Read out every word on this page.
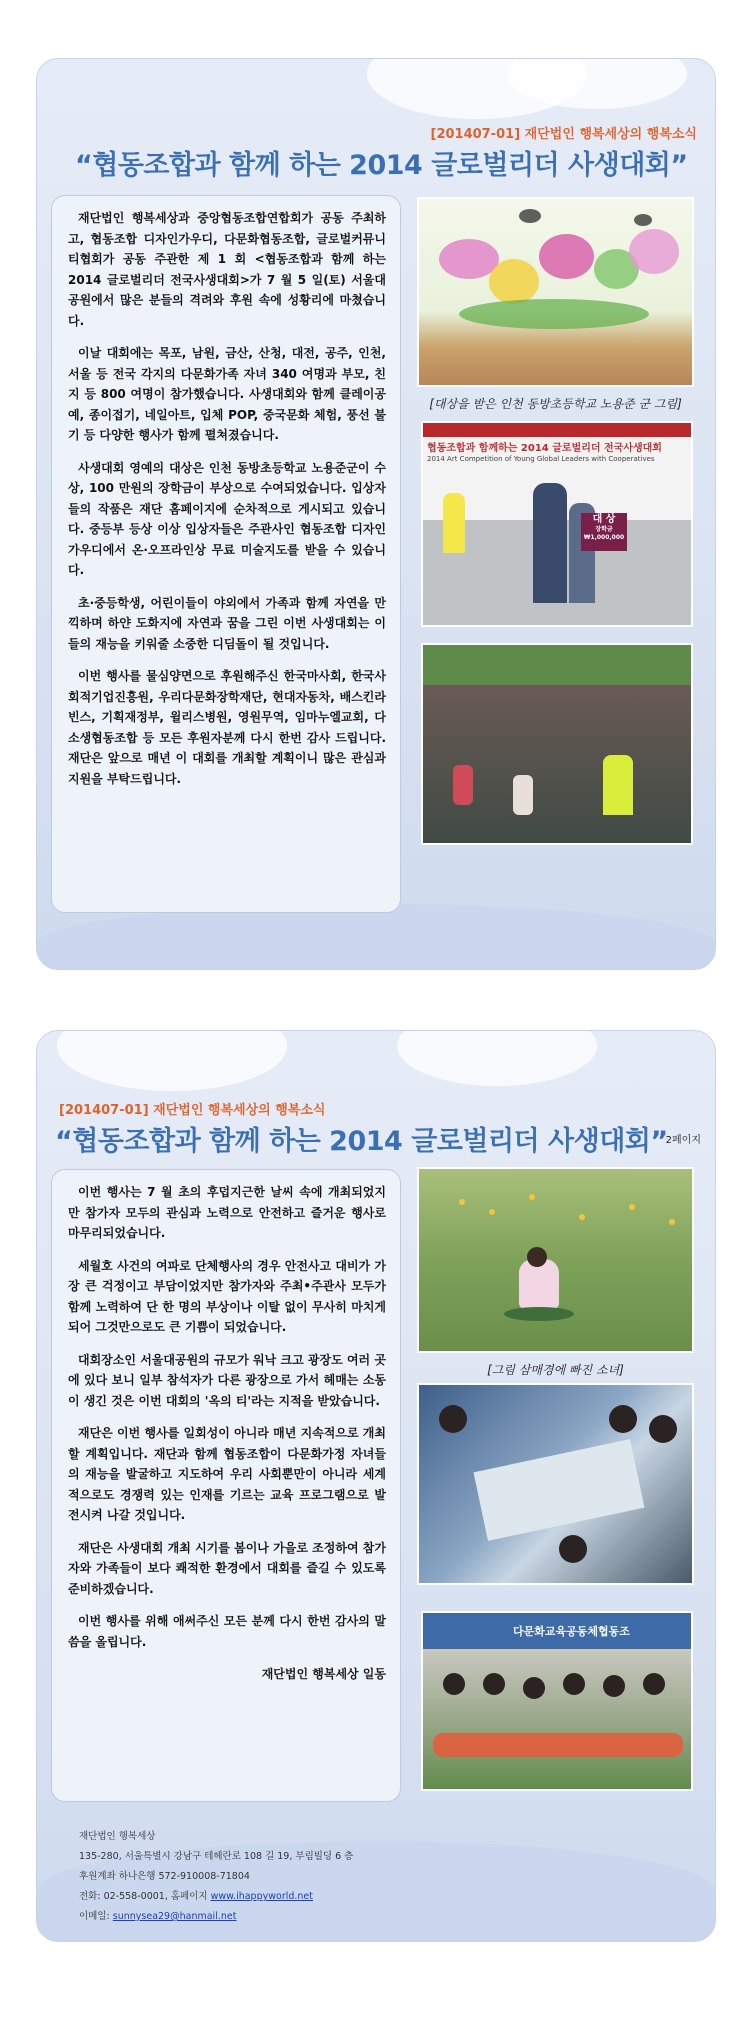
[201407-01] 재단법인 행복세상의 행복소식
“협동조합과 함께 하는 2014 글로벌리더 사생대회”

재단법인 행복세상과 중앙협동조합연합회가 공동 주최하고, 협동조합 디자인가우디, 다문화협동조합, 글로벌커뮤니티협회가 공동 주관한 제 1 회 <협동조합과 함께 하는 2014 글로벌리더 전국사생대회>가 7 월 5 일(토) 서울대공원에서 많은 분들의 격려와 후원 속에 성황리에 마쳤습니다.

이날 대회에는 목포, 남원, 금산, 산청, 대전, 공주, 인천, 서울 등 전국 각지의 다문화가족 자녀 340 여명과 부모, 친지 등 800 여명이 참가했습니다. 사생대회와 함께 클레이공예, 종이접기, 네일아트, 입체 POP, 중국문화 체험, 풍선 불기 등 다양한 행사가 함께 펼쳐졌습니다.

사생대회 영예의 대상은 인천 동방초등학교 노용준군이 수상, 100 만원의 장학금이 부상으로 수여되었습니다. 입상자들의 작품은 재단 홈페이지에 순차적으로 게시되고 있습니다. 중등부 등상 이상 입상자들은 주관사인 협동조합 디자인가우디에서 온·오프라인상 무료 미술지도를 받을 수 있습니다.

초·중등학생, 어린이들이 야외에서 가족과 함께 자연을 만끽하며 하얀 도화지에 자연과 꿈을 그린 이번 사생대회는 이들의 재능을 키워줄 소중한 디딤돌이 될 것입니다.

이번 행사를 물심양면으로 후원해주신 한국마사회, 한국사회적기업진흥원, 우리다문화장학재단, 현대자동차, 배스킨라빈스, 기획재정부, 윌리스병원, 영원무역, 임마누엘교회, 다소생협동조합 등 모든 후원자분께 다시 한번 감사 드립니다. 재단은 앞으로 매년 이 대회를 개최할 계획이니 많은 관심과 지원을 부탁드립니다.

[대상을 받은 인천 동방초등학교 노용준 군 그림]
협동조합과 함께하는 2014 글로벌리더 전국사생대회
2014 Art Competition of Young Global Leaders with Cooperatives
대 상
장학금 ₩1,000,000
[201407-01] 재단법인 행복세상의 행복소식
“협동조합과 함께 하는 2014 글로벌리더 사생대회”
2페이지

이번 행사는 7 월 초의 후덥지근한 날씨 속에 개최되었지만 참가자 모두의 관심과 노력으로 안전하고 즐거운 행사로 마무리되었습니다.

세월호 사건의 여파로 단체행사의 경우 안전사고 대비가 가장 큰 걱정이고 부담이었지만 참가자와 주최•주관사 모두가 함께 노력하여 단 한 명의 부상이나 이탈 없이 무사히 마치게 되어 그것만으로도 큰 기쁨이 되었습니다.

대회장소인 서울대공원의 규모가 워낙 크고 광장도 여러 곳에 있다 보니 일부 참석자가 다른 광장으로 가서 헤매는 소동이 생긴 것은 이번 대회의 '옥의 티'라는 지적을 받았습니다.

재단은 이번 행사를 일회성이 아니라 매년 지속적으로 개최할 계획입니다. 재단과 함께 협동조합이 다문화가정 자녀들의 재능을 발굴하고 지도하여 우리 사회뿐만이 아니라 세계적으로도 경쟁력 있는 인재를 기르는 교육 프로그램으로 발전시켜 나갈 것입니다.

재단은 사생대회 개최 시기를 봄이나 가을로 조정하여 참가자와 가족들이 보다 쾌적한 환경에서 대회를 즐길 수 있도록 준비하겠습니다.

이번 행사를 위해 애써주신 모든 분께 다시 한번 감사의 말씀을 올립니다.

재단법인 행복세상 일동

[그림 삼매경에 빠진 소녀]
다문화교육공동체협동조
재단법인 행복세상
135-280, 서울특별시 강남구 테헤란로 108 길 19, 부림빌딩 6 층
후원계좌 하나은행 572-910008-71804
전화: 02-558-0001, 홈페이지 www.ihappyworld.net
이메일: sunnysea29@hanmail.net
